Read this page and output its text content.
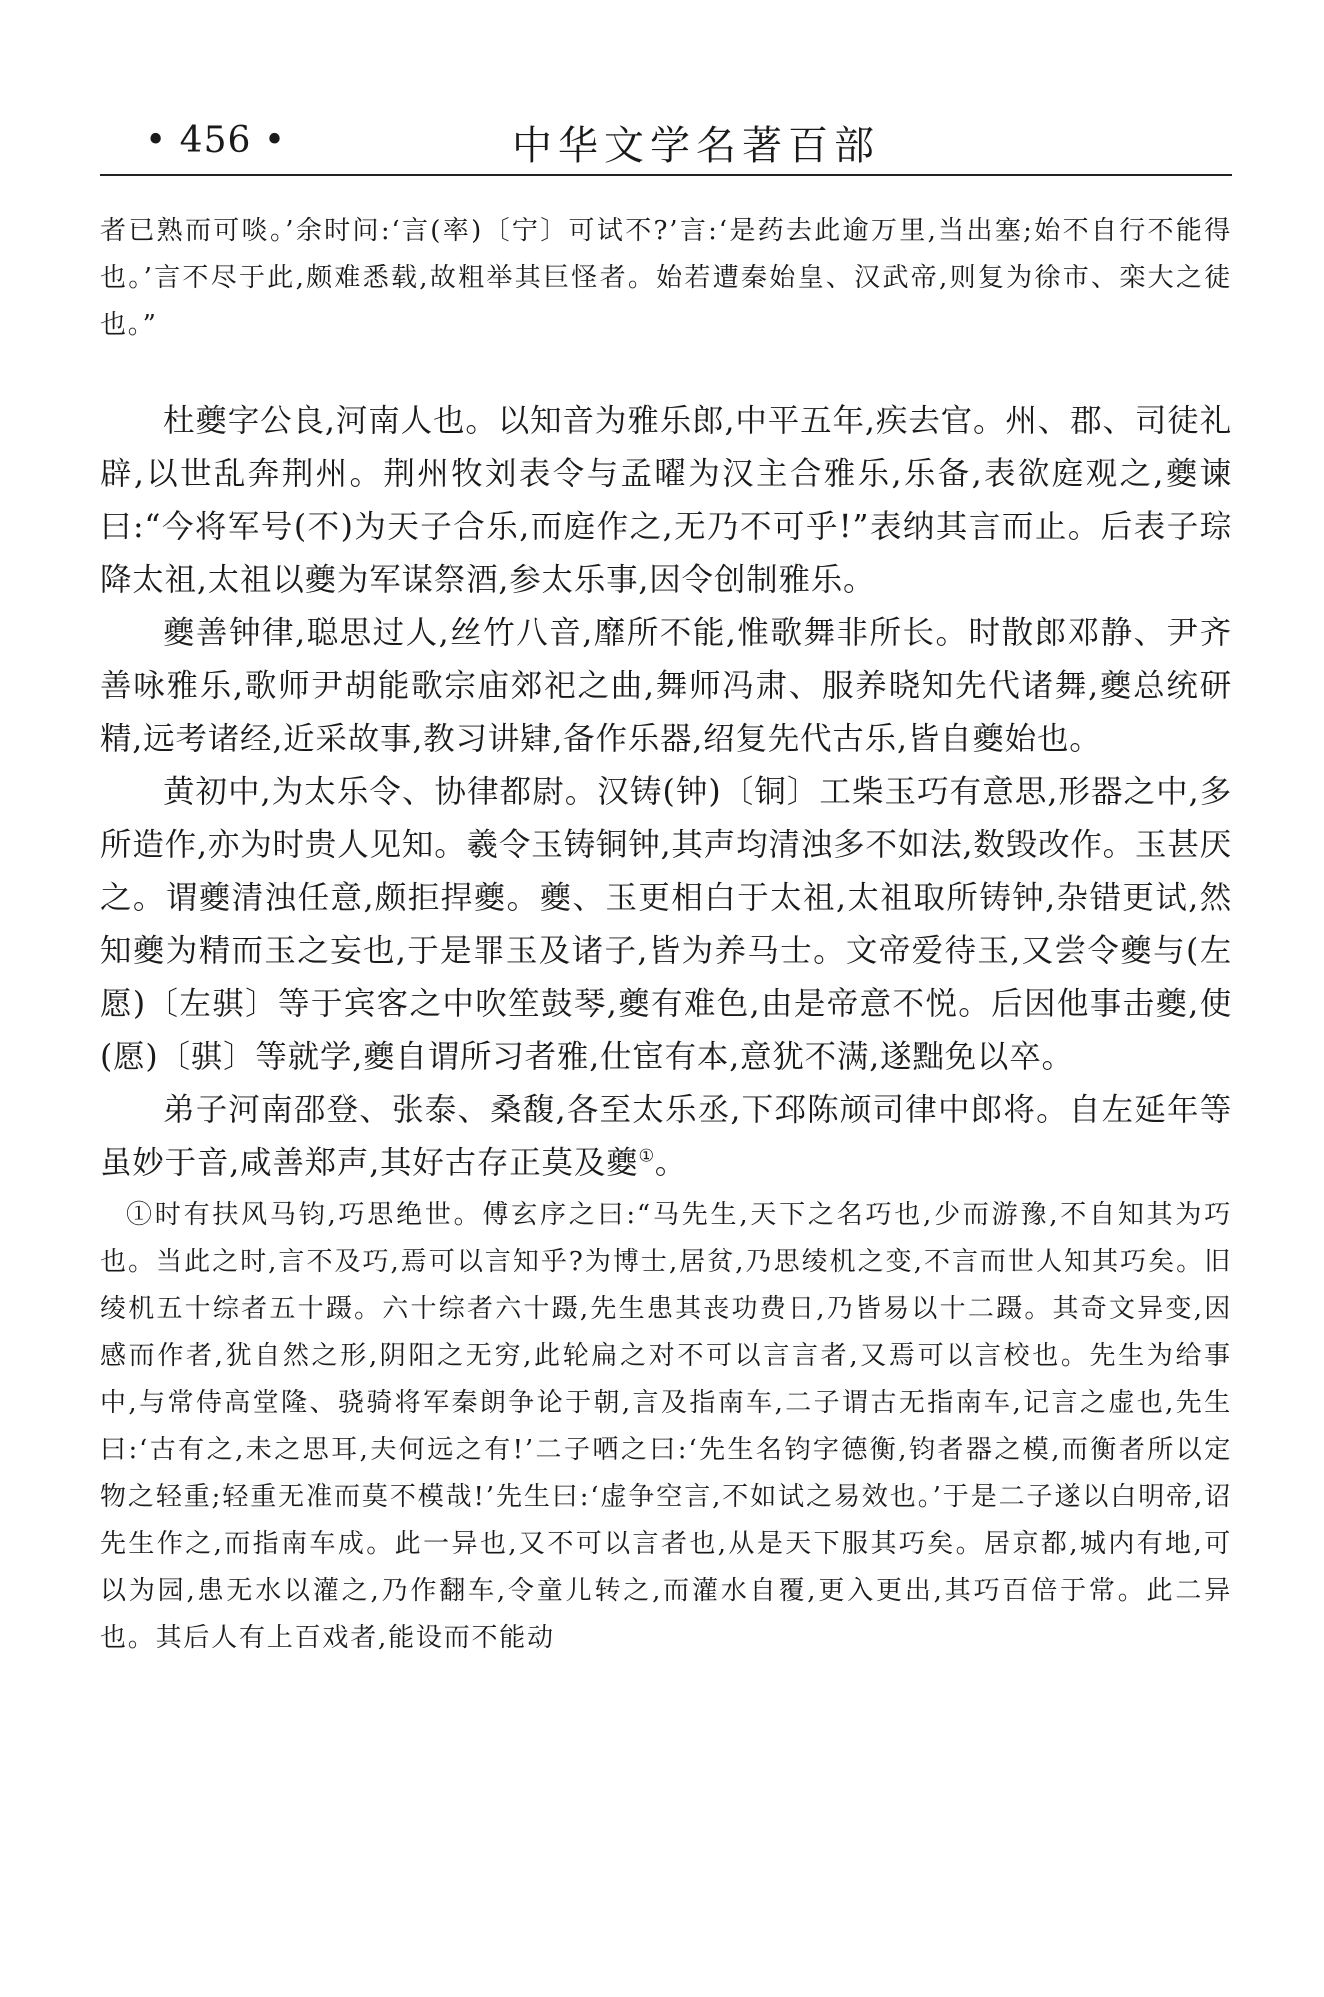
• 456 •	中华文学名著百部

者已熟而可啖。’余时问:‘言(率)〔宁〕可试不?’言:‘是药去此逾万里,当出塞;始不自行不能得也。’言不尽于此,颇难悉载,故粗举其巨怪者。始若遭秦始皇、汉武帝,则复为徐市、栾大之徒也。”

杜夔字公良,河南人也。以知音为雅乐郎,中平五年,疾去官。州、郡、司徒礼辟,以世乱奔荆州。荆州牧刘表令与孟曜为汉主合雅乐,乐备,表欲庭观之,夔谏曰:“今将军号(不)为天子合乐,而庭作之,无乃不可乎!”表纳其言而止。后表子琮降太祖,太祖以夔为军谋祭酒,参太乐事,因令创制雅乐。

夔善钟律,聪思过人,丝竹八音,靡所不能,惟歌舞非所长。时散郎邓静、尹齐善咏雅乐,歌师尹胡能歌宗庙郊祀之曲,舞师冯肃、服养晓知先代诸舞,夔总统研精,远考诸经,近采故事,教习讲肄,备作乐器,绍复先代古乐,皆自夔始也。

黄初中,为太乐令、协律都尉。汉铸(钟)〔铜〕工柴玉巧有意思,形器之中,多所造作,亦为时贵人见知。羲令玉铸铜钟,其声均清浊多不如法,数毁改作。玉甚厌之。谓夔清浊任意,颇拒捍夔。夔、玉更相白于太祖,太祖取所铸钟,杂错更试,然知夔为精而玉之妄也,于是罪玉及诸子,皆为养马士。文帝爱待玉,又尝令夔与(左愿)〔左骐〕等于宾客之中吹笙鼓琴,夔有难色,由是帝意不悦。后因他事击夔,使(愿)〔骐〕等就学,夔自谓所习者雅,仕宦有本,意犹不满,遂黜免以卒。

弟子河南邵登、张泰、桑馥,各至太乐丞,下邳陈颃司律中郎将。自左延年等虽妙于音,咸善郑声,其好古存正莫及夔①。

①时有扶风马钧,巧思绝世。傅玄序之曰:“马先生,天下之名巧也,少而游豫,不自知其为巧也。当此之时,言不及巧,焉可以言知乎?为博士,居贫,乃思绫机之变,不言而世人知其巧矣。旧绫机五十综者五十蹑。六十综者六十蹑,先生患其丧功费日,乃皆易以十二蹑。其奇文异变,因感而作者,犹自然之形,阴阳之无穷,此轮扁之对不可以言言者,又焉可以言校也。先生为给事中,与常侍高堂隆、骁骑将军秦朗争论于朝,言及指南车,二子谓古无指南车,记言之虚也,先生曰:‘古有之,未之思耳,夫何远之有!’二子哂之曰:‘先生名钧字德衡,钧者器之模,而衡者所以定物之轻重;轻重无准而莫不模哉!’先生曰:‘虚争空言,不如试之易效也。’于是二子遂以白明帝,诏先生作之,而指南车成。此一异也,又不可以言者也,从是天下服其巧矣。居京都,城内有地,可以为园,患无水以灌之,乃作翻车,令童儿转之,而灌水自覆,更入更出,其巧百倍于常。此二异也。其后人有上百戏者,能设而不能动
